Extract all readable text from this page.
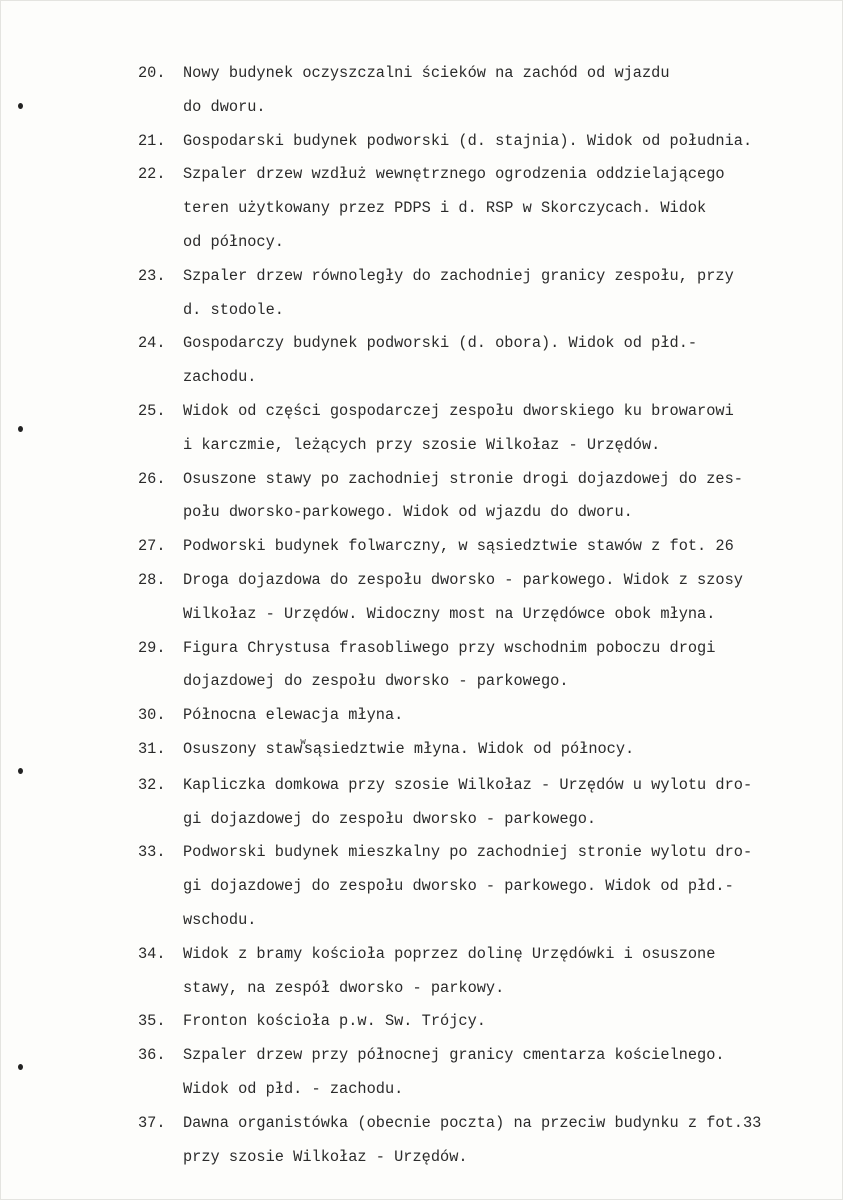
20.	Nowy budynek oczyszczalni ścieków na zachód od wjazdu
do dworu.
21.	Gospodarski budynek podworski (d. stajnia). Widok od południa.
22.	Szpaler drzew wzdłuż wewnętrznego ogrodzenia oddzielającego
teren użytkowany przez PDPS i d. RSP w Skorczycach. Widok
od północy.
23.	Szpaler drzew równoległy do zachodniej granicy zespołu, przy
d. stodole.
24.	Gospodarczy budynek podworski (d. obora). Widok od płd.-
zachodu.
25.	Widok od części gospodarczej zespołu dworskiego ku browarowi
i karczmie, leżących przy szosie Wilkołaz - Urzędów.
26.	Osuszone stawy po zachodniej stronie drogi dojazdowej do zes-
połu dworsko-parkowego. Widok od wjazdu do dworu.
27.	Podworski budynek folwarczny, w sąsiedztwie stawów z fot. 26
28.	Droga dojazdowa do zespołu dworsko - parkowego. Widok z szosy
Wilkołaz - Urzędów. Widoczny most na Urzędówce obok młyna.
29.	Figura Chrystusa frasobliwego przy wschodnim poboczu drogi
dojazdowej do zespołu dworsko - parkowego.
30.	Północna elewacja młyna.
31.	Osuszony staw$^w$sąsiedztwie młyna. Widok od północy.
32.	Kapliczka domkowa przy szosie Wilkołaz - Urzędów u wylotu dro-
gi dojazdowej do zespołu dworsko - parkowego.
33.	Podworski budynek mieszkalny po zachodniej stronie wylotu dro-
gi dojazdowej do zespołu dworsko - parkowego. Widok od płd.-
wschodu.
34.	Widok z bramy kościoła poprzez dolinę Urzędówki i osuszone
stawy, na zespół dworsko - parkowy.
35.	Fronton kościoła p.w. Sw. Trójcy.
36.	Szpaler drzew przy północnej granicy cmentarza kościelnego.
Widok od płd. - zachodu.
37.	Dawna organistówka (obecnie poczta) na przeciw budynku z fot.33
przy szosie Wilkołaz - Urzędów.
